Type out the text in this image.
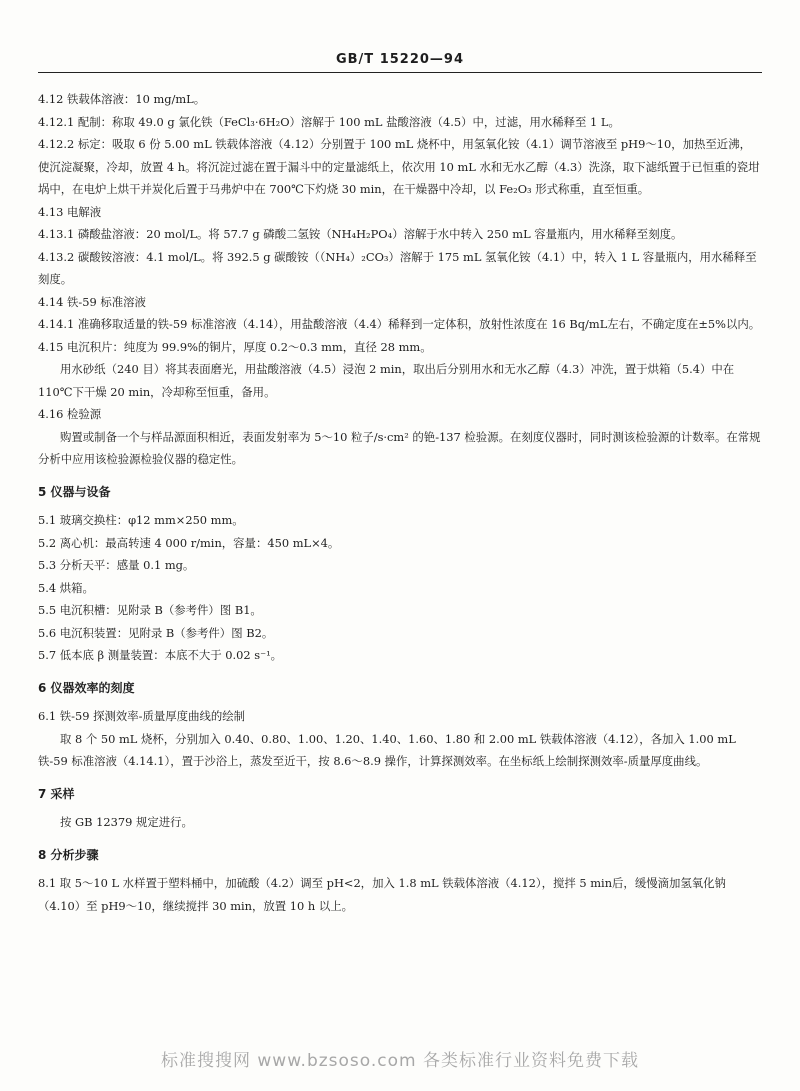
GB/T 15220—94
4.12 铁载体溶液：10 mg/mL。
4.12.1 配制：称取 49.0 g 氯化铁（FeCl₃·6H₂O）溶解于 100 mL 盐酸溶液（4.5）中，过滤，用水稀释至 1 L。
4.12.2 标定：吸取 6 份 5.00 mL 铁载体溶液（4.12）分别置于 100 mL 烧杯中，用氢氧化铵（4.1）调节溶液至 pH9～10，加热至近沸，使沉淀凝聚，冷却，放置 4 h。将沉淀过滤在置于漏斗中的定量滤纸上，依次用 10 mL 水和无水乙醇（4.3）洗涤，取下滤纸置于已恒重的瓷坩埚中，在电炉上烘干并炭化后置于马弗炉中在 700℃下灼烧 30 min，在干燥器中冷却，以 Fe₂O₃ 形式称重，直至恒重。
4.13 电解液
4.13.1 磷酸盐溶液：20 mol/L。将 57.7 g 磷酸二氢铵（NH₄H₂PO₄）溶解于水中转入 250 mL 容量瓶内，用水稀释至刻度。
4.13.2 碳酸铵溶液：4.1 mol/L。将 392.5 g 碳酸铵（（NH₄）₂CO₃）溶解于 175 mL 氢氧化铵（4.1）中，转入 1 L 容量瓶内，用水稀释至刻度。
4.14 铁-59 标准溶液
4.14.1 准确移取适量的铁-59 标准溶液（4.14），用盐酸溶液（4.4）稀释到一定体积，放射性浓度在 16 Bq/mL左右，不确定度在±5%以内。
4.15 电沉积片：纯度为 99.9%的铜片，厚度 0.2～0.3 mm，直径 28 mm。
用水砂纸（240 目）将其表面磨光，用盐酸溶液（4.5）浸泡 2 min，取出后分别用水和无水乙醇（4.3）冲洗，置于烘箱（5.4）中在 110℃下干燥 20 min，冷却称至恒重，备用。
4.16 检验源
购置或制备一个与样品源面积相近，表面发射率为 5～10 粒子/s·cm² 的铯-137 检验源。在刻度仪器时，同时测该检验源的计数率。在常规分析中应用该检验源检验仪器的稳定性。
5 仪器与设备
5.1 玻璃交换柱：φ12 mm×250 mm。
5.2 离心机：最高转速 4 000 r/min，容量：450 mL×4。
5.3 分析天平：感量 0.1 mg。
5.4 烘箱。
5.5 电沉积槽：见附录 B（参考件）图 B1。
5.6 电沉积装置：见附录 B（参考件）图 B2。
5.7 低本底 β 测量装置：本底不大于 0.02 s⁻¹。
6 仪器效率的刻度
6.1 铁-59 探测效率-质量厚度曲线的绘制
取 8 个 50 mL 烧杯，分别加入 0.40、0.80、1.00、1.20、1.40、1.60、1.80 和 2.00 mL 铁载体溶液（4.12），各加入 1.00 mL 铁-59 标准溶液（4.14.1），置于沙浴上，蒸发至近干，按 8.6～8.9 操作，计算探测效率。在坐标纸上绘制探测效率-质量厚度曲线。
7 采样
按 GB 12379 规定进行。
8 分析步骤
8.1 取 5～10 L 水样置于塑料桶中，加硫酸（4.2）调至 pH<2，加入 1.8 mL 铁载体溶液（4.12），搅拌 5 min后，缓慢滴加氢氧化钠（4.10）至 pH9～10，继续搅拌 30 min，放置 10 h 以上。
标准搜搜网 www.bzsoso.com 各类标准行业资料免费下载
